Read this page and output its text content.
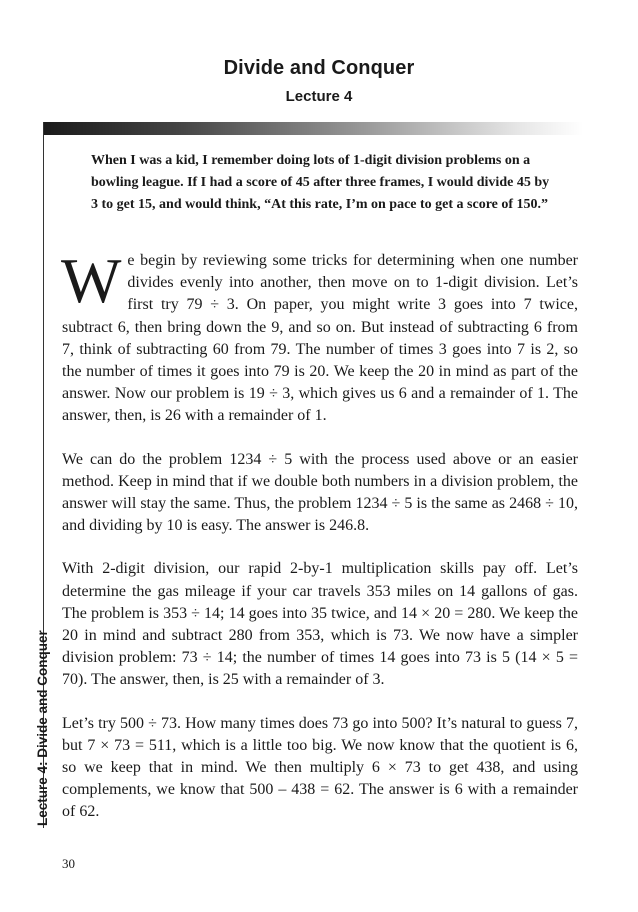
Divide and Conquer
Lecture 4
Lecture 4: Divide and Conquer
When I was a kid, I remember doing lots of 1-digit division problems on a bowling league. If I had a score of 45 after three frames, I would divide 45 by 3 to get 15, and would think, “At this rate, I’m on pace to get a score of 150.”

We begin by reviewing some tricks for determining when one number divides evenly into another, then move on to 1-digit division. Let’s first try 79 ÷ 3. On paper, you might write 3 goes into 7 twice, subtract 6, then bring down the 9, and so on. But instead of subtracting 6 from 7, think of subtracting 60 from 79. The number of times 3 goes into 7 is 2, so the number of times it goes into 79 is 20. We keep the 20 in mind as part of the answer. Now our problem is 19 ÷ 3, which gives us 6 and a remainder of 1. The answer, then, is 26 with a remainder of 1.

We can do the problem 1234 ÷ 5 with the process used above or an easier method. Keep in mind that if we double both numbers in a division problem, the answer will stay the same. Thus, the problem 1234 ÷ 5 is the same as 2468 ÷ 10, and dividing by 10 is easy. The answer is 246.8.

With 2-digit division, our rapid 2-by-1 multiplication skills pay off. Let’s determine the gas mileage if your car travels 353 miles on 14 gallons of gas. The problem is 353 ÷ 14; 14 goes into 35 twice, and 14 × 20 = 280. We keep the 20 in mind and subtract 280 from 353, which is 73. We now have a simpler division problem: 73 ÷ 14; the number of times 14 goes into 73 is 5 (14 × 5 = 70). The answer, then, is 25 with a remainder of 3.

Let’s try 500 ÷ 73. How many times does 73 go into 500? It’s natural to guess 7, but 7 × 73 = 511, which is a little too big. We now know that the quotient is 6, so we keep that in mind. We then multiply 6 × 73 to get 438, and using complements, we know that 500 – 438 = 62. The answer is 6 with a remainder of 62.

30
